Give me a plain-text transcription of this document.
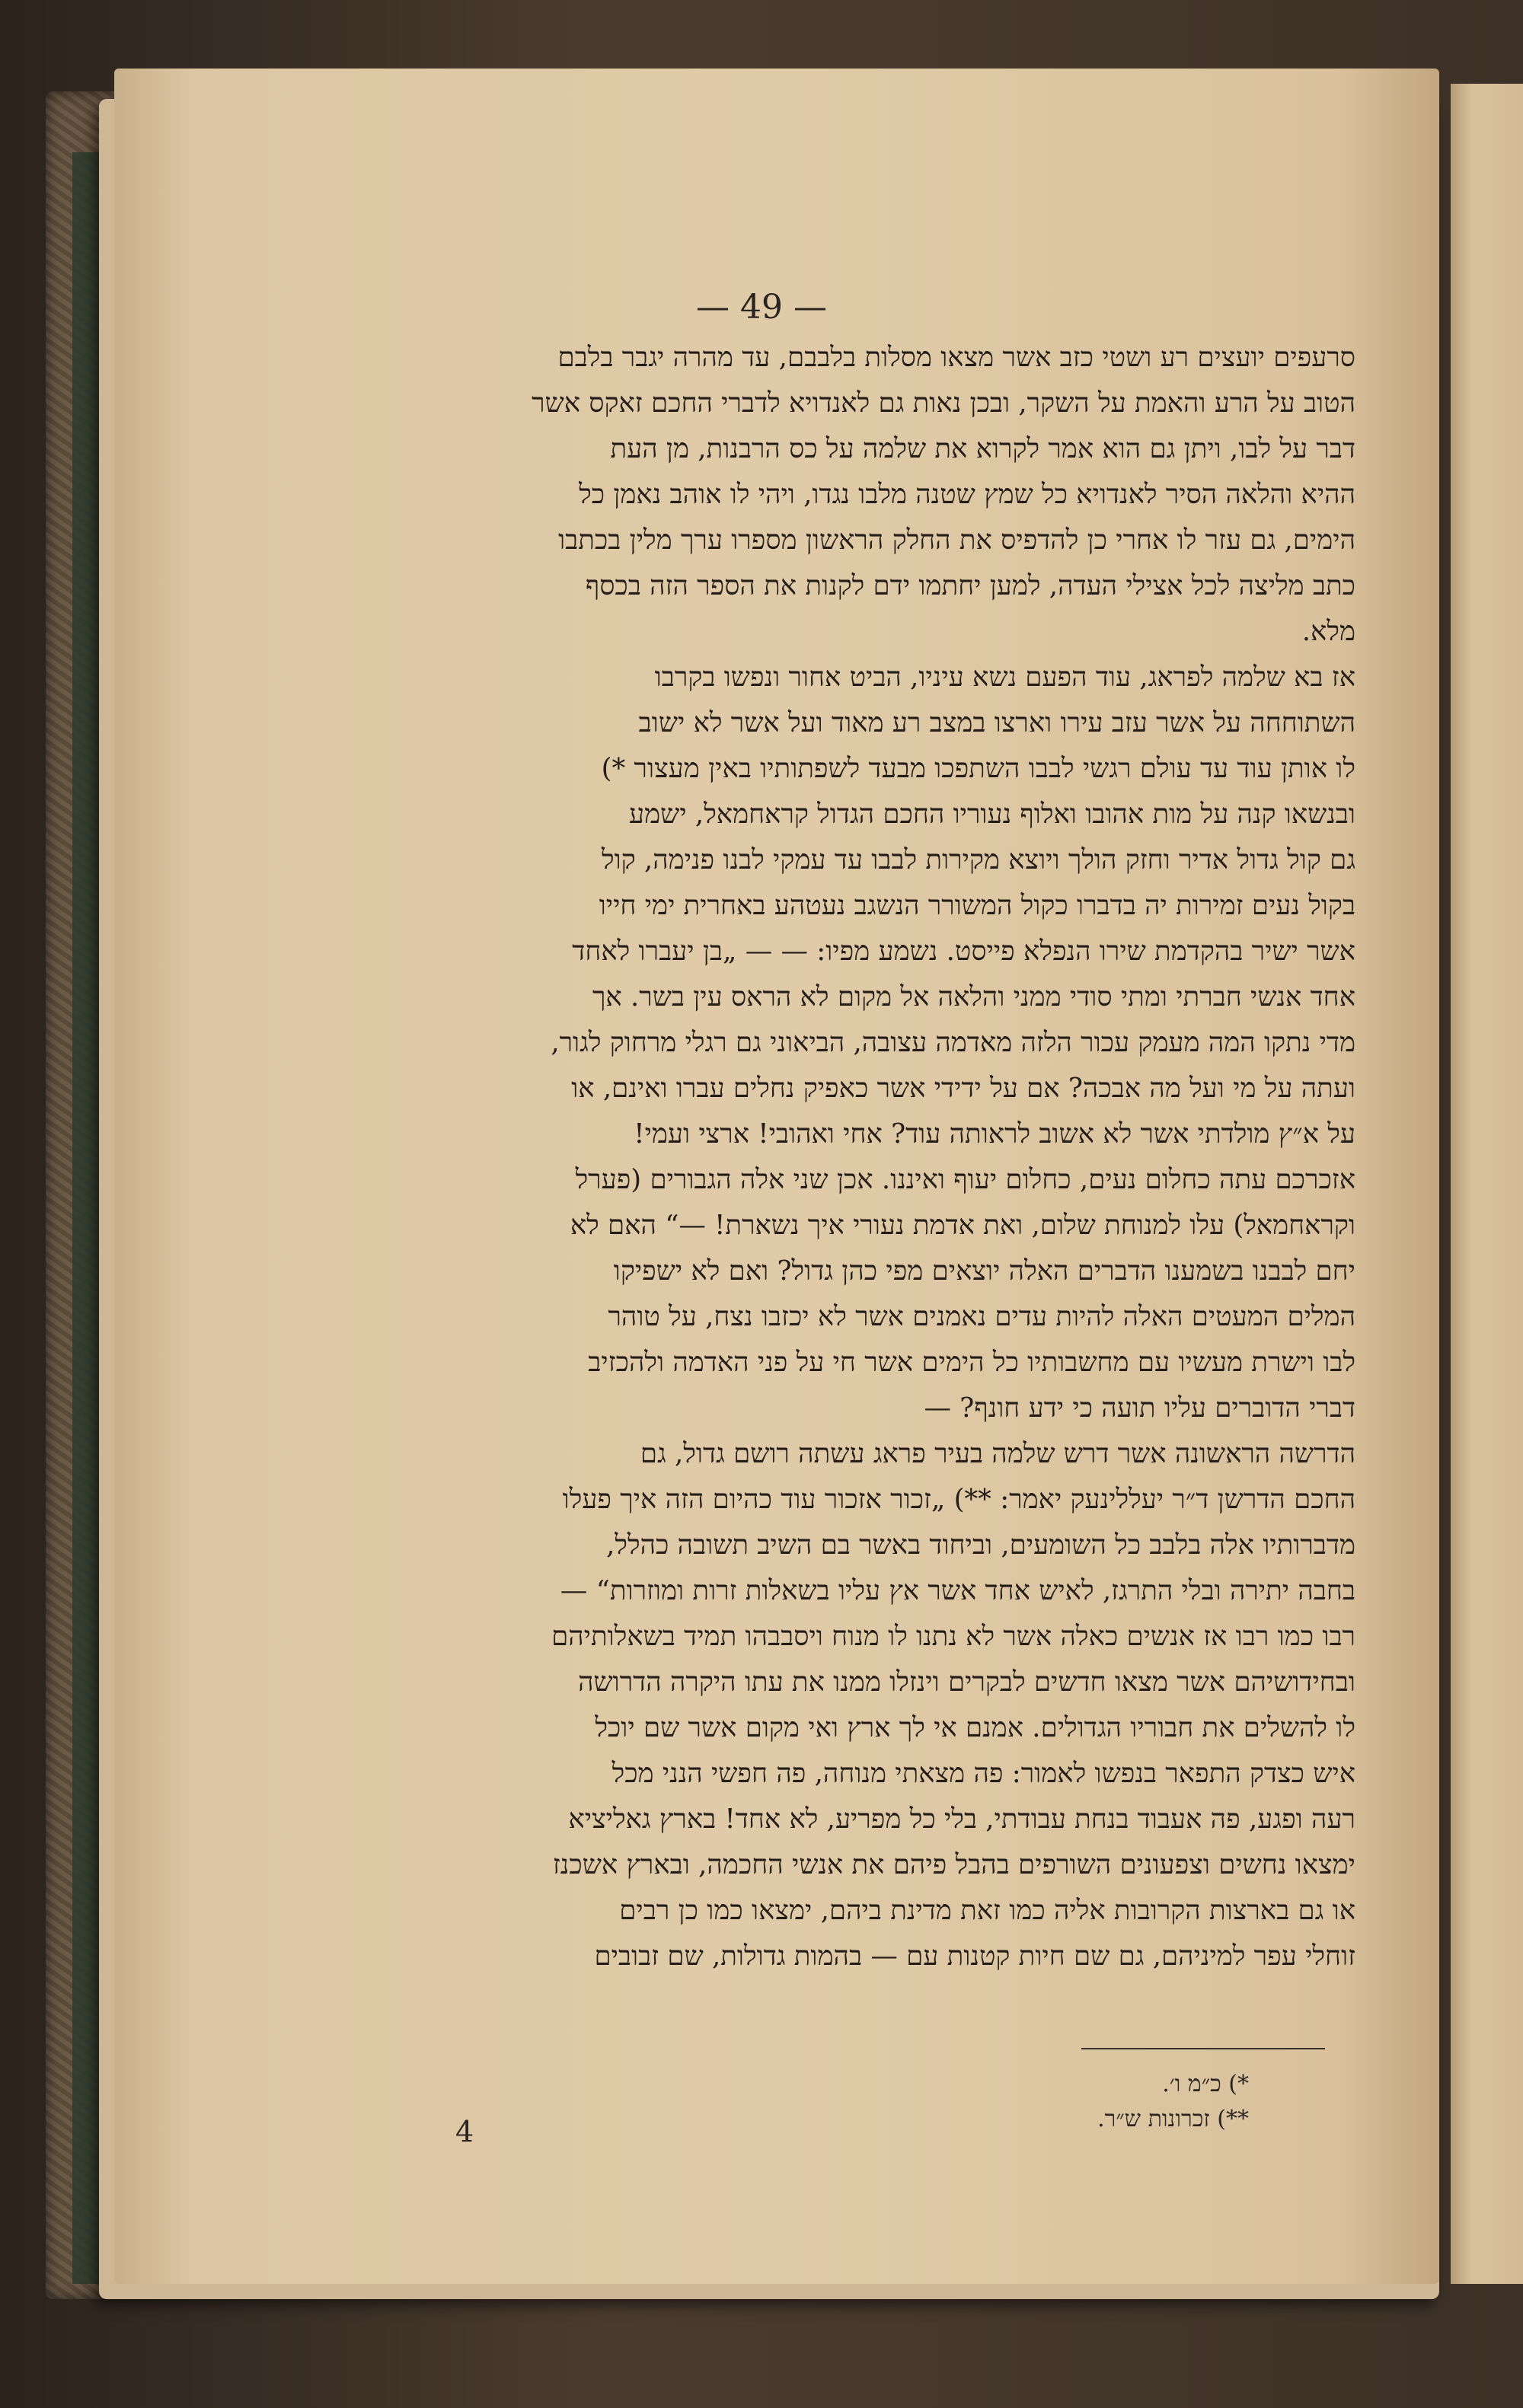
— 49 —
סרעפים יועצים רע ושטי כזב אשר מצאו מסלות בלבבם, עד מהרה יגבר בלבם
הטוב על הרע והאמת על השקר, ובכן נאות גם לאנדויא לדברי החכם זאקס אשר
דבר על לבו, ויתן גם הוא אמר לקרוא את שלמה על כס הרבנות, מן העת
ההיא והלאה הסיר לאנדויא כל שמץ שטנה מלבו נגדו, ויהי לו אוהב נאמן כל
הימים, גם עזר לו אחרי כן להדפיס את החלק הראשון מספרו ערך מלין בכתבו
כתב מליצה לכל אצילי העדה, למען יחתמו ידם לקנות את הספר הזה בכסף
מלא.
אז בא שלמה לפראג, עוד הפעם נשא עיניו, הביט אחור ונפשו בקרבו
השתוחחה על אשר עזב עירו וארצו במצב רע מאוד ועל אשר לא ישוב
לו אותן עוד עד עולם רגשי לבבו השתפכו מבעד לשפתותיו באין מעצור *)
ובנשאו קנה על מות אהובו ואלוף נעוריו החכם הגדול קראחמאל, ישמע
גם קול גדול אדיר וחזק הולך ויוצא מקירות לבבו עד עמקי לבנו פנימה, קול
בקול נעים זמירות יה בדברו כקול המשורר הנשגב נעטהע באחרית ימי חייו
אשר ישיר בהקדמת שירו הנפלא פייסט. נשמע מפיו: — — „בן יעברו לאחד
אחד אנשי חברתי ומתי סודי ממני והלאה אל מקום לא הראס עין בשר. אך
מדי נתקו המה מעמק עכור הלזה מאדמה עצובה, הביאוני גם רגלי מרחוק לגור,
ועתה על מי ועל מה אבכה? אם על ידידי אשר כאפיק נחלים עברו ואינם, או
על א״ץ מולדתי אשר לא אשוב לראותה עוד? אחי ואהובי! ארצי ועמי!
אזכרכם עתה כחלום נעים, כחלום יעוף ואיננו. אכן שני אלה הגבורים (פערל
וקראחמאל) עלו למנוחת שלום, ואת אדמת נעורי איך נשארת! —“ האם לא
יחם לבבנו בשמענו הדברים האלה יוצאים מפי כהן גדול? ואם לא ישפיקו
המלים המעטים האלה להיות עדים נאמנים אשר לא יכזבו נצח, על טוהר
לבו וישרת מעשיו עם מחשבותיו כל הימים אשר חי על פני האדמה ולהכזיב
דברי הדוברים עליו תועה כי ידע חונף? —
הדרשה הראשונה אשר דרש שלמה בעיר פראג עשתה רושם גדול, גם
החכם הדרשן ד״ר יעללינעק יאמר: **) „זכור אזכור עוד כהיום הזה איך פעלו
מדברותיו אלה בלבב כל השומעים, וביחוד באשר בם השיב תשובה כהלל,
בחבה יתירה ובלי התרגז, לאיש אחד אשר אץ עליו בשאלות זרות ומוזרות“ —
רבו כמו רבו אז אנשים כאלה אשר לא נתנו לו מנוח ויסבבהו תמיד בשאלותיהם
ובחידושיהם אשר מצאו חדשים לבקרים וינזלו ממנו את עתו היקרה הדרושה
לו להשלים את חבוריו הגדולים. אמנם אי לך ארץ ואי מקום אשר שם יוכל
איש כצדק התפאר בנפשו לאמור: פה מצאתי מנוחה, פה חפשי הנני מכל
רעה ופגע, פה אעבוד בנחת עבודתי, בלי כל מפריע, לא אחד! בארץ גאליציא
ימצאו נחשים וצפעונים השורפים בהבל פיהם את אנשי החכמה, ובארץ אשכנז
או גם בארצות הקרובות אליה כמו זאת מדינת ביהם, ימצאו כמו כן רבים
זוחלי עפר למיניהם, גם שם חיות קטנות עם — בהמות גדולות, שם זבובים
*) כ״מ ו׳.
**) זכרונות ש״ר.
4
